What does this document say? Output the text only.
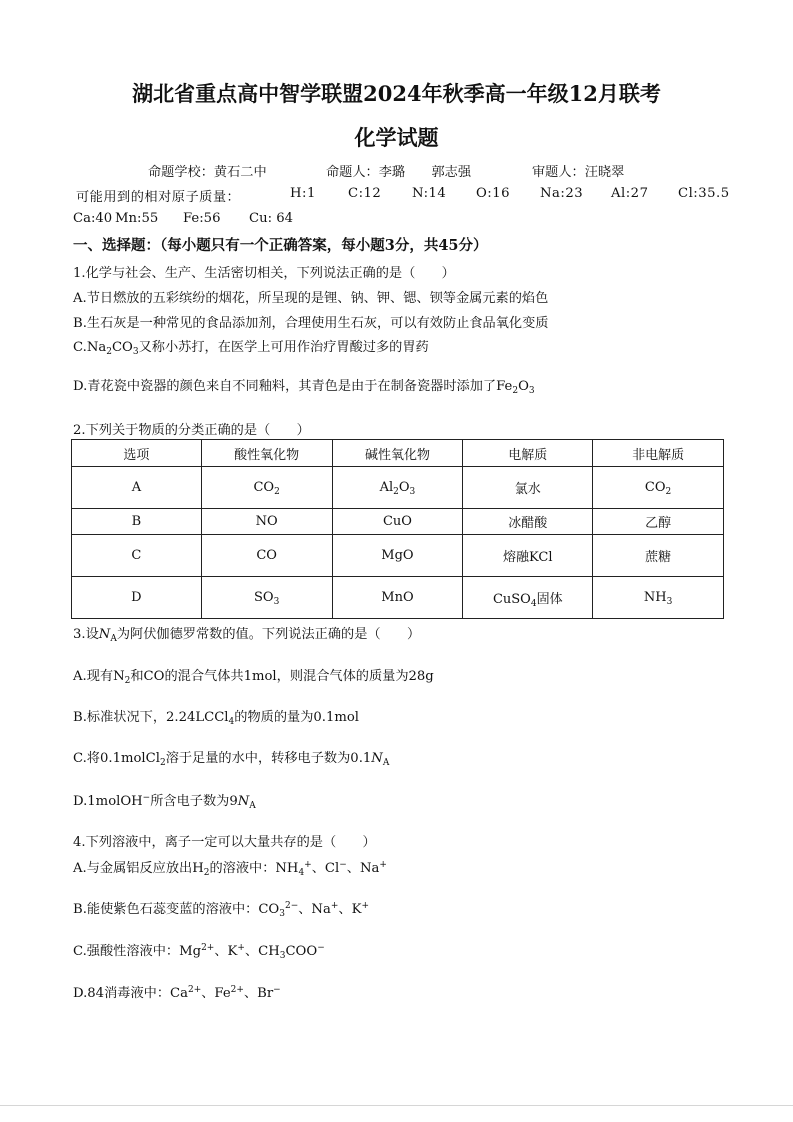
湖北省重点高中智学联盟2024年秋季高一年级12月联考
化学试题
命题学校：黄石二中	命题人：李璐　　郭志强	审题人：汪晓翠
可能用到的相对原子质量：	H:1 C:12 N:14 O:16 Na:23 Al:27 Cl:35.5
Ca:40 Mn:55 Fe:56 Cu: 64
一、选择题：（每小题只有一个正确答案，每小题3分，共45分）
1.化学与社会、生产、生活密切相关，下列说法正确的是（　　）
A.节日燃放的五彩缤纷的烟花，所呈现的是锂、钠、钾、锶、钡等金属元素的焰色
B.生石灰是一种常见的食品添加剂，合理使用生石灰，可以有效防止食品氧化变质
$C.Na_2CO_3$又称小苏打，在医学上可用作治疗胃酸过多的胃药
D.青花瓷中瓷器的颜色来自不同釉料，其青色是由于在制备瓷器时添加了$Fe_2O_3$
2.下列关于物质的分类正确的是（　　）
选项	酸性氧化物	碱性氧化物	电解质	非电解质
A	$CO_2$	$Al_2O_3$	氯水	$CO_2$
B	NO	CuO	冰醋酸	乙醇
C	CO	MgO	熔融KCl	蔗糖
D	$SO_3$	MnO	CuSO$_4$固体	$NH_3$
3.设$N_A$为阿伏伽德罗常数的值。下列说法正确的是（　　）
A.现有$N_2$和CO的混合气体共1mol，则混合气体的质量为28g
B.标准状况下，2.24LCCl$_4$的物质的量为0.1mol
C.将0.1molCl$_2$溶于足量的水中，转移电子数为$0.1N_A$
D.1molOH−所含电子数为$9N_A$
4.下列溶液中，离子一定可以大量共存的是（　　）
A.与金属铝反应放出$H_2$的溶液中：$NH_4^+$、Cl−、Na+
B.能使紫色石蕊变蓝的溶液中：$CO_3^{2-}$、Na+、K+
C.强酸性溶液中：$Mg^{2+}$、K+、$CH_3COO^-$
D.84消毒液中：$Ca^{2+}$、$Fe^{2+}$、Br−
